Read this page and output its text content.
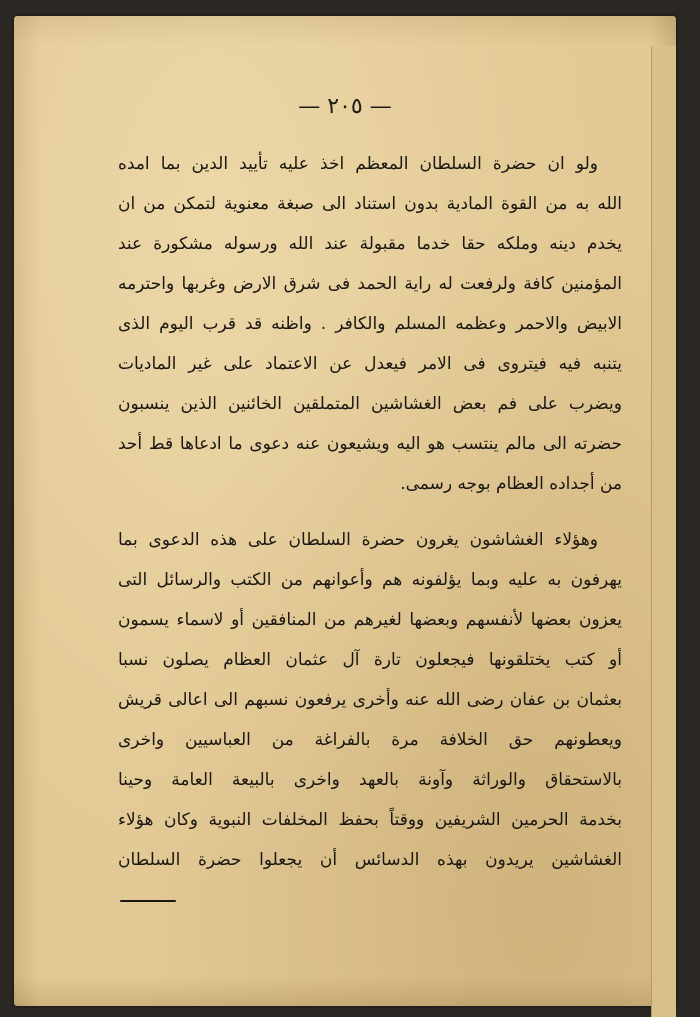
— ٢٠٥ —
ولو ان حضرة السلطان المعظم اخذ عليه تأييد الدين بما امده
الله به من القوة المادية بدون استناد الى صبغة معنوية لتمكن من ان
يخدم دينه وملكه حقا خدما مقبولة عند الله ورسوله مشكورة عند
المؤمنين كافة ولرفعت له راية الحمد فى شرق الارض وغربها واحترمه
الابيض والاحمر وعظمه المسلم والكافر . واظنه قد قرب اليوم الذى
يتنبه فيه فيتروى فى الامر فيعدل عن الاعتماد على غير الماديات
ويضرب على فم بعض الغشاشين المتملقين الخائنين الذين ينسبون
حضرته الى مالم ينتسب هو اليه ويشيعون عنه دعوى ما ادعاها قط أحد
من أجداده العظام بوجه رسمى.
وهؤلاء الغشاشون يغرون حضرة السلطان على هذه الدعوى بما
يهرفون به عليه وبما يؤلفونه هم وأعوانهم من الكتب والرسائل التى
يعزون بعضها لأنفسهم وبعضها لغيرهم من المنافقين أو لاسماء يسمون
أو كتب يختلقونها فيجعلون تارة آل عثمان العظام يصلون نسبا
بعثمان بن عفان رضى الله عنه وأخرى يرفعون نسبهم الى اعالى قريش
ويعطونهم حق الخلافة مرة بالفراغة من العباسيين واخرى
بالاستحقاق والوراثة وآونة بالعهد واخرى بالبيعة العامة وحينا
بخدمة الحرمين الشريفين ووقتاً بحفظ المخلفات النبوية وكان هؤلاء
الغشاشين يريدون بهذه الدسائس أن يجعلوا حضرة السلطان
